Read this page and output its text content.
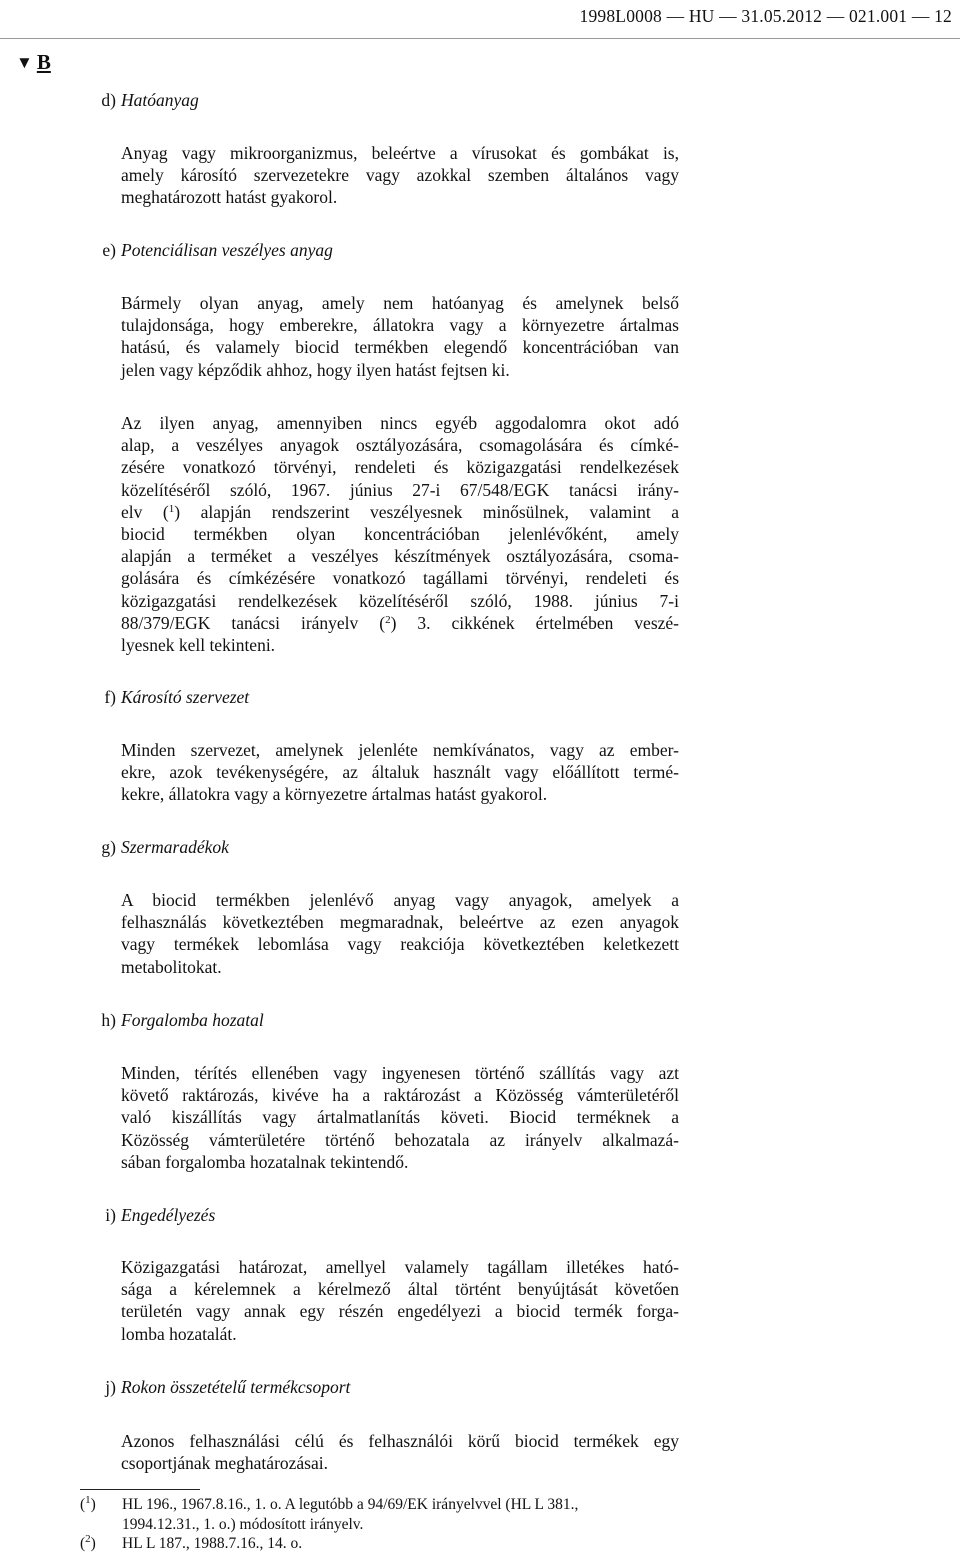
1998L0008 — HU — 31.05.2012 — 021.001 — 12
▼ B
d) Hatóanyag
Anyag vagy mikroorganizmus, beleértve a vírusokat és gombákat is,
amely károsító szervezetekre vagy azokkal szemben általános vagy
meghatározott hatást gyakorol.
e) Potenciálisan veszélyes anyag
Bármely olyan anyag, amely nem hatóanyag és amelynek belső
tulajdonsága, hogy emberekre, állatokra vagy a környezetre ártalmas
hatású, és valamely biocid termékben elegendő koncentrációban van
jelen vagy képződik ahhoz, hogy ilyen hatást fejtsen ki.
Az ilyen anyag, amennyiben nincs egyéb aggodalomra okot adó
alap, a veszélyes anyagok osztályozására, csomagolására és címké-
zésére vonatkozó törvényi, rendeleti és közigazgatási rendelkezések
közelítéséről szóló, 1967. június 27-i 67/548/EGK tanácsi irány-
elv ($^1$) alapján rendszerint veszélyesnek minősülnek, valamint a
biocid termékben olyan koncentrációban jelenlévőként, amely
alapján a terméket a veszélyes készítmények osztályozására, csoma-
golására és címkézésére vonatkozó tagállami törvényi, rendeleti és
közigazgatási rendelkezések közelítéséről szóló, 1988. június 7-i
88/379/EGK tanácsi irányelv ($^2$) 3. cikkének értelmében veszé-
lyesnek kell tekinteni.
f) Károsító szervezet
Minden szervezet, amelynek jelenléte nemkívánatos, vagy az ember-
ekre, azok tevékenységére, az általuk használt vagy előállított termé-
kekre, állatokra vagy a környezetre ártalmas hatást gyakorol.
g) Szermaradékok
A biocid termékben jelenlévő anyag vagy anyagok, amelyek a
felhasználás következtében megmaradnak, beleértve az ezen anyagok
vagy termékek lebomlása vagy reakciója következtében keletkezett
metabolitokat.
h) Forgalomba hozatal
Minden, térítés ellenében vagy ingyenesen történő szállítás vagy azt
követő raktározás, kivéve ha a raktározást a Közösség vámterületéről
való kiszállítás vagy ártalmatlanítás követi. Biocid terméknek a
Közösség vámterületére történő behozatala az irányelv alkalmazá-
sában forgalomba hozatalnak tekintendő.
i) Engedélyezés
Közigazgatási határozat, amellyel valamely tagállam illetékes ható-
sága a kérelemnek a kérelmező által történt benyújtását követően
területén vagy annak egy részén engedélyezi a biocid termék forga-
lomba hozatalát.
j) Rokon összetételű termékcsoport
Azonos felhasználási célú és felhasználói körű biocid termékek egy
csoportjának meghatározásai.
($^1$) HL 196., 1967.8.16., 1. o. A legutóbb a 94/69/EK irányelvvel (HL L 381.,
1994.12.31., 1. o.) módosított irányelv.
($^2$) HL L 187., 1988.7.16., 14. o.
